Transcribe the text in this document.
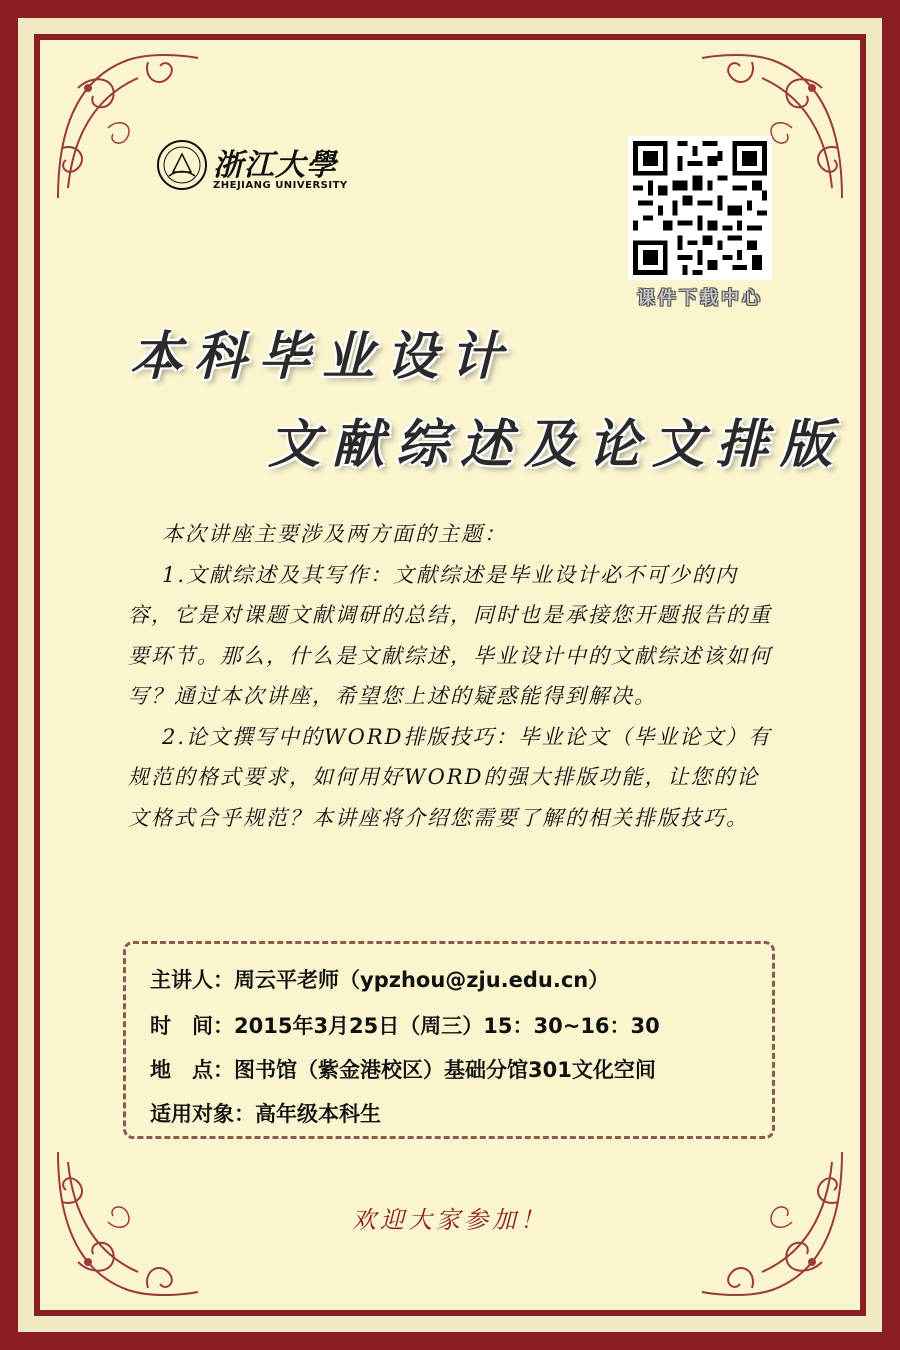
浙江大學
ZHEJIANG UNIVERSITY
课件下载中心
本科毕业设计
文献综述及论文排版

本次讲座主要涉及两方面的主题：

1.文献综述及其写作：文献综述是毕业设计必不可少的内容，它是对课题文献调研的总结，同时也是承接您开题报告的重要环节。那么，什么是文献综述，毕业设计中的文献综述该如何写？通过本次讲座，希望您上述的疑惑能得到解决。

2.论文撰写中的WORD排版技巧：毕业论文（毕业论文）有规范的格式要求，如何用好WORD的强大排版功能，让您的论文格式合乎规范？本讲座将介绍您需要了解的相关排版技巧。

主讲人：周云平老师（ypzhou@zju.edu.cn）
时　间：2015年3月25日（周三）15：30~16：30
地　点：图书馆（紫金港校区）基础分馆301文化空间
适用对象：高年级本科生
欢迎大家参加！
